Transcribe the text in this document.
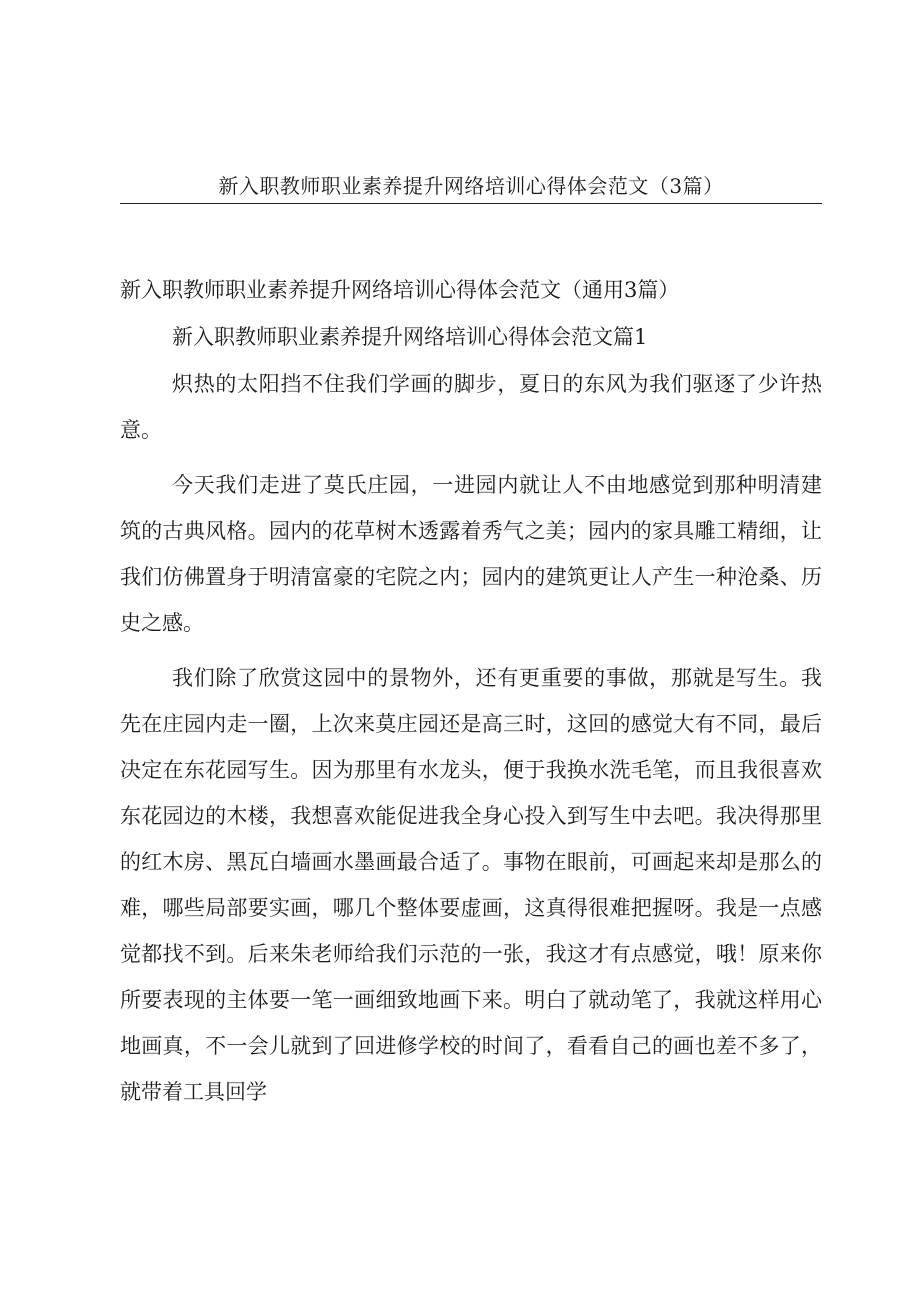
新入职教师职业素养提升网络培训心得体会范文（3篇）
新入职教师职业素养提升网络培训心得体会范文（通用3篇）
新入职教师职业素养提升网络培训心得体会范文篇1

炽热的太阳挡不住我们学画的脚步，夏日的东风为我们驱逐了少许热意。

今天我们走进了莫氏庄园，一进园内就让人不由地感觉到那种明清建筑的古典风格。园内的花草树木透露着秀气之美；园内的家具雕工精细，让我们仿佛置身于明清富豪的宅院之内；园内的建筑更让人产生一种沧桑、历史之感。

我们除了欣赏这园中的景物外，还有更重要的事做，那就是写生。我先在庄园内走一圈，上次来莫庄园还是高三时，这回的感觉大有不同，最后决定在东花园写生。因为那里有水龙头，便于我换水洗毛笔，而且我很喜欢东花园边的木楼，我想喜欢能促进我全身心投入到写生中去吧。我决得那里的红木房、黑瓦白墙画水墨画最合适了。事物在眼前，可画起来却是那么的难，哪些局部要实画，哪几个整体要虚画，这真得很难把握呀。我是一点感觉都找不到。后来朱老师给我们示范的一张，我这才有点感觉，哦！原来你所要表现的主体要一笔一画细致地画下来。明白了就动笔了，我就这样用心地画真，不一会儿就到了回进修学校的时间了，看看自己的画也差不多了，就带着工具回学
